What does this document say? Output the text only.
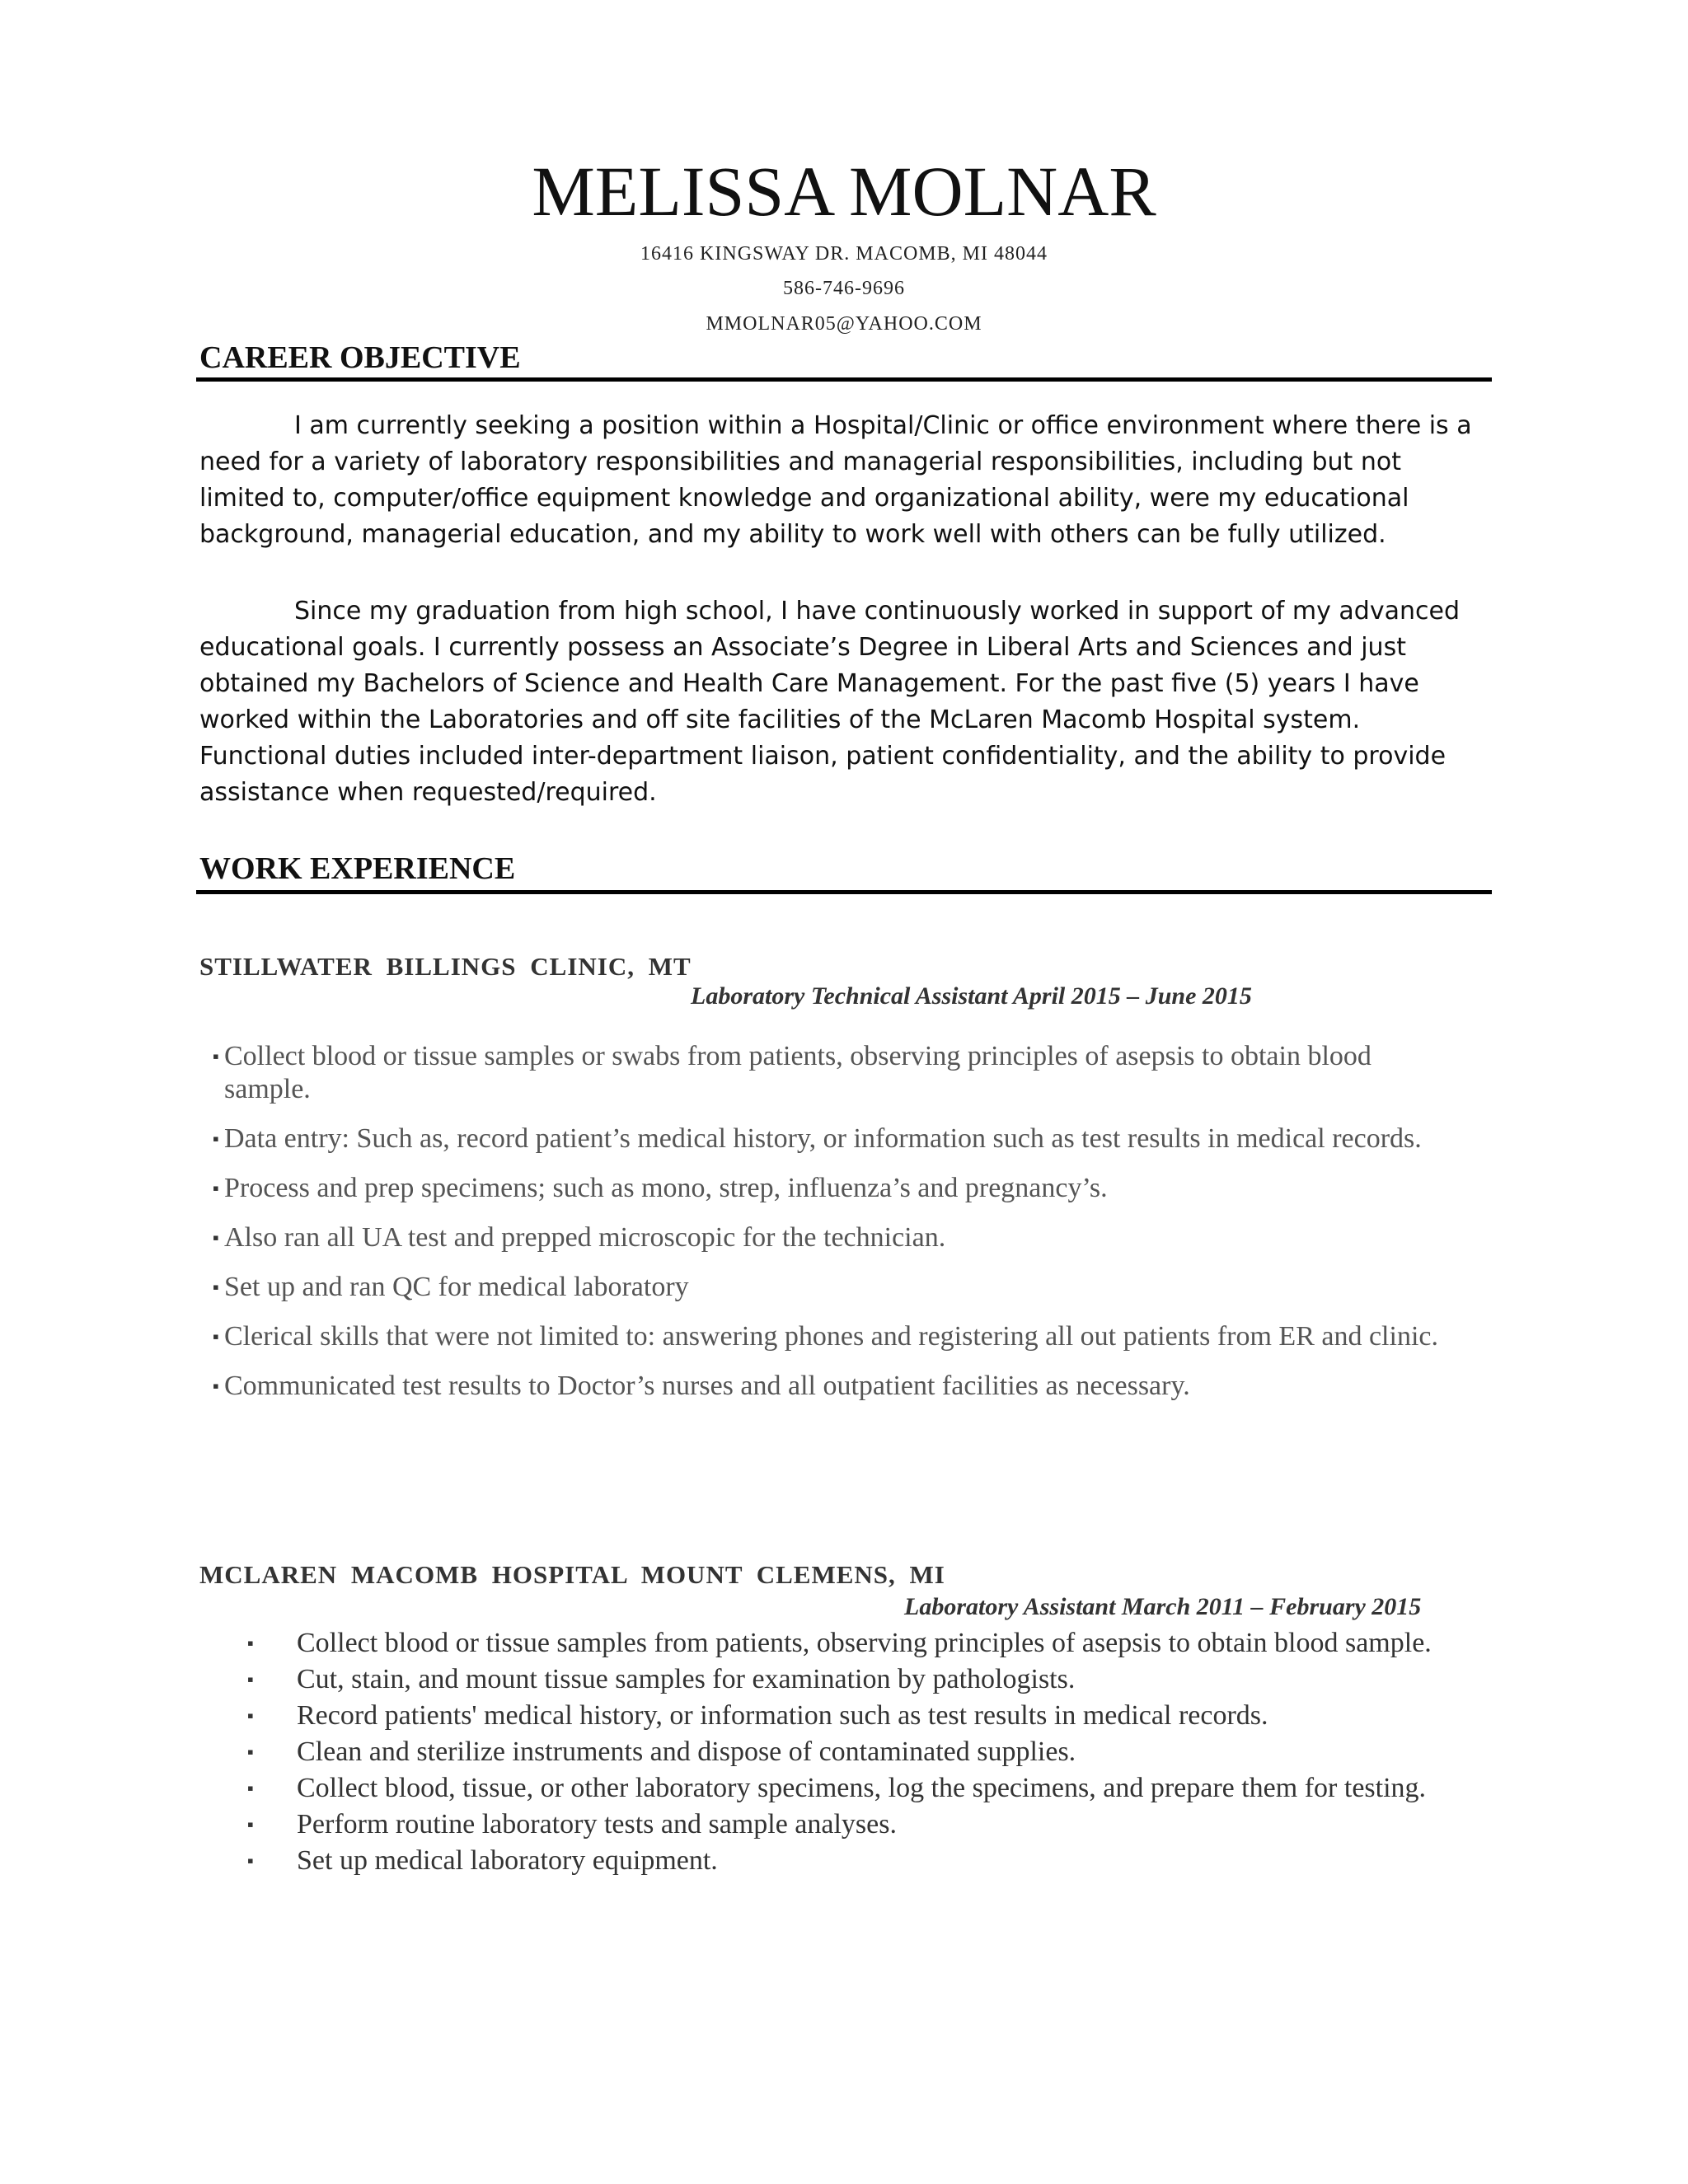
MELISSA MOLNAR
16416 KINGSWAY DR. MACOMB, MI 48044
586-746-9696
MMOLNAR05@YAHOO.COM
CAREER OBJECTIVE

I am currently seeking a position within a Hospital/Clinic or office environment where there is a need for a variety of laboratory responsibilities and managerial responsibilities, including but not limited to, computer/office equipment knowledge and organizational ability, were my educational background, managerial education, and my ability to work well with others can be fully utilized.

Since my graduation from high school, I have continuously worked in support of my advanced educational goals. I currently possess an Associate’s Degree in Liberal Arts and Sciences and just obtained my Bachelors of Science and Health Care Management. For the past five (5) years I have worked within the Laboratories and off site facilities of the McLaren Macomb Hospital system. Functional duties included inter-department liaison, patient confidentiality, and the ability to provide assistance when requested/required.

WORK EXPERIENCE
STILLWATER BILLINGS CLINIC, MT
Laboratory Technical Assistant April 2015 – June 2015
▪ Collect blood or tissue samples or swabs from patients, observing principles of asepsis to obtain blood sample.
▪ Data entry: Such as, record patient’s medical history, or information such as test results in medical records.
▪ Process and prep specimens; such as mono, strep, influenza’s and pregnancy’s.
▪ Also ran all UA test and prepped microscopic for the technician.
▪ Set up and ran QC for medical laboratory
▪ Clerical skills that were not limited to: answering phones and registering all out patients from ER and clinic.
▪ Communicated test results to Doctor’s nurses and all outpatient facilities as necessary.
MCLAREN MACOMB HOSPITAL MOUNT CLEMENS, MI
Laboratory Assistant March 2011 – February 2015
▪ Collect blood or tissue samples from patients, observing principles of asepsis to obtain blood sample.
▪ Cut, stain, and mount tissue samples for examination by pathologists.
▪ Record patients' medical history, or information such as test results in medical records.
▪ Clean and sterilize instruments and dispose of contaminated supplies.
▪ Collect blood, tissue, or other laboratory specimens, log the specimens, and prepare them for testing.
▪ Perform routine laboratory tests and sample analyses.
▪ Set up medical laboratory equipment.
